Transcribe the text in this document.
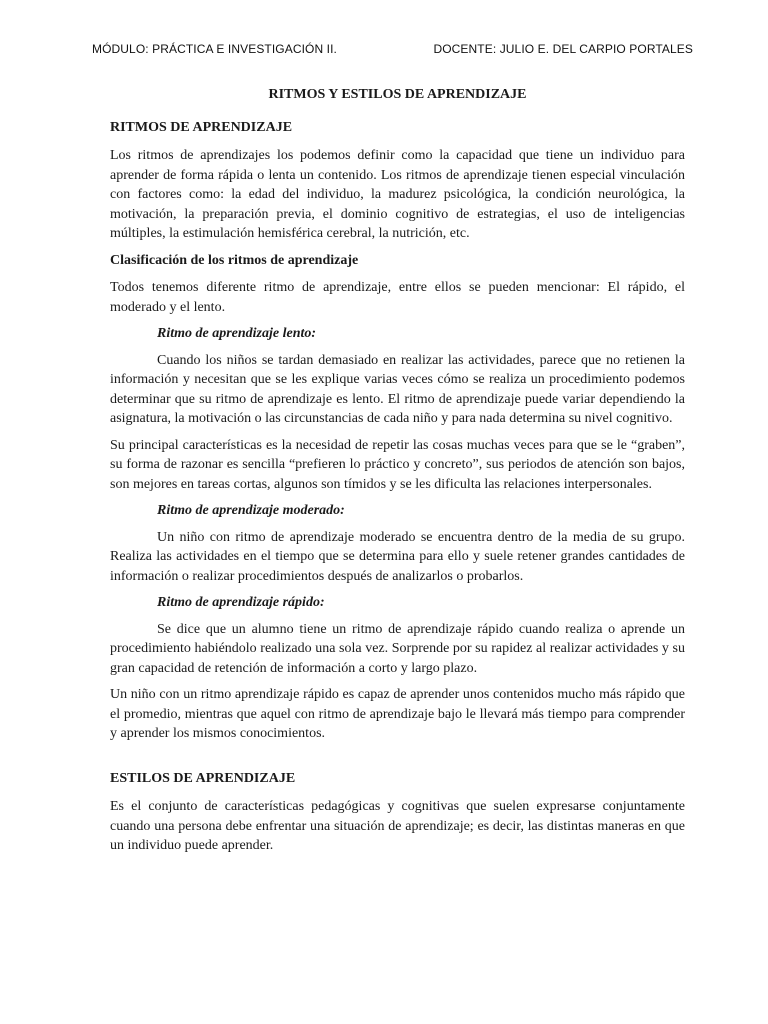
MÓDULO: PRÁCTICA E INVESTIGACIÓN II.	DOCENTE: JULIO E. DEL CARPIO PORTALES
RITMOS Y ESTILOS DE APRENDIZAJE
RITMOS DE APRENDIZAJE

Los ritmos de aprendizajes los podemos definir como la capacidad que tiene un individuo para aprender de forma rápida o lenta un contenido. Los ritmos de aprendizaje tienen especial vinculación con factores como: la edad del individuo, la madurez psicológica, la condición neurológica, la motivación, la preparación previa, el dominio cognitivo de estrategias, el uso de inteligencias múltiples, la estimulación hemisférica cerebral, la nutrición, etc.

Clasificación de los ritmos de aprendizaje

Todos tenemos diferente ritmo de aprendizaje, entre ellos se pueden mencionar: El rápido, el moderado y el lento.

Ritmo de aprendizaje lento:

Cuando los niños se tardan demasiado en realizar las actividades, parece que no retienen la información y necesitan que se les explique varias veces cómo se realiza un procedimiento podemos determinar que su ritmo de aprendizaje es lento. El ritmo de aprendizaje puede variar dependiendo la asignatura, la motivación o las circunstancias de cada niño y para nada determina su nivel cognitivo.

Su principal características es la necesidad de repetir las cosas muchas veces para que se le “graben”, su forma de razonar es sencilla “prefieren lo práctico y concreto”, sus periodos de atención son bajos, son mejores en tareas cortas, algunos son tímidos y se les dificulta las relaciones interpersonales.

Ritmo de aprendizaje moderado:

Un niño con ritmo de aprendizaje moderado se encuentra dentro de la media de su grupo. Realiza las actividades en el tiempo que se determina para ello y suele retener grandes cantidades de información o realizar procedimientos después de analizarlos o probarlos.

Ritmo de aprendizaje rápido:

Se dice que un alumno tiene un ritmo de aprendizaje rápido cuando realiza o aprende un procedimiento habiéndolo realizado una sola vez. Sorprende por su rapidez al realizar actividades y su gran capacidad de retención de información a corto y largo plazo.

Un niño con un ritmo aprendizaje rápido es capaz de aprender unos contenidos mucho más rápido que el promedio, mientras que aquel con ritmo de aprendizaje bajo le llevará más tiempo para comprender y aprender los mismos conocimientos.

ESTILOS DE APRENDIZAJE

Es el conjunto de características pedagógicas y cognitivas que suelen expresarse conjuntamente cuando una persona debe enfrentar una situación de aprendizaje; es decir, las distintas maneras en que un individuo puede aprender.
